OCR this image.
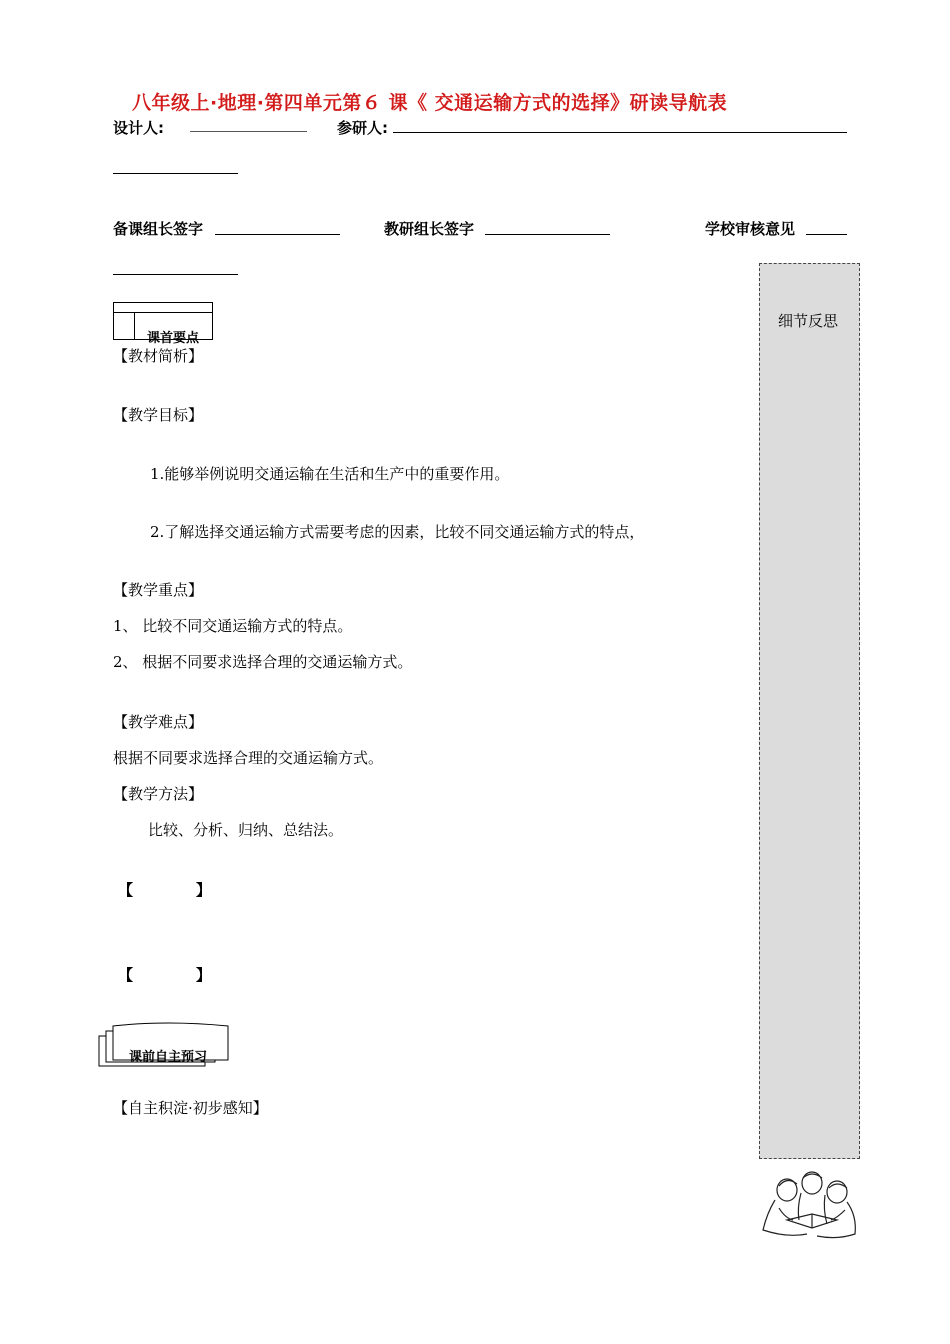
八年级上·地理·第四单元第６ 课《 交通运输方式的选择》研读导航表
设计人:	参研人:
备课组长签字	教研组长签字	学校审核意见
细节反思
课首要点
【教材简析】
【教学目标】
1.能够举例说明交通运输在生活和生产中的重要作用。
2.了解选择交通运输方式需要考虑的因素，比较不同交通运输方式的特点，
【教学重点】
1、 比较不同交通运输方式的特点。
2、 根据不同要求选择合理的交通运输方式。
【教学难点】
根据不同要求选择合理的交通运输方式。
【教学方法】
比较、分析、归纳、总结法。
【	】
【	】
课前自主预习
【自主积淀·初步感知】
